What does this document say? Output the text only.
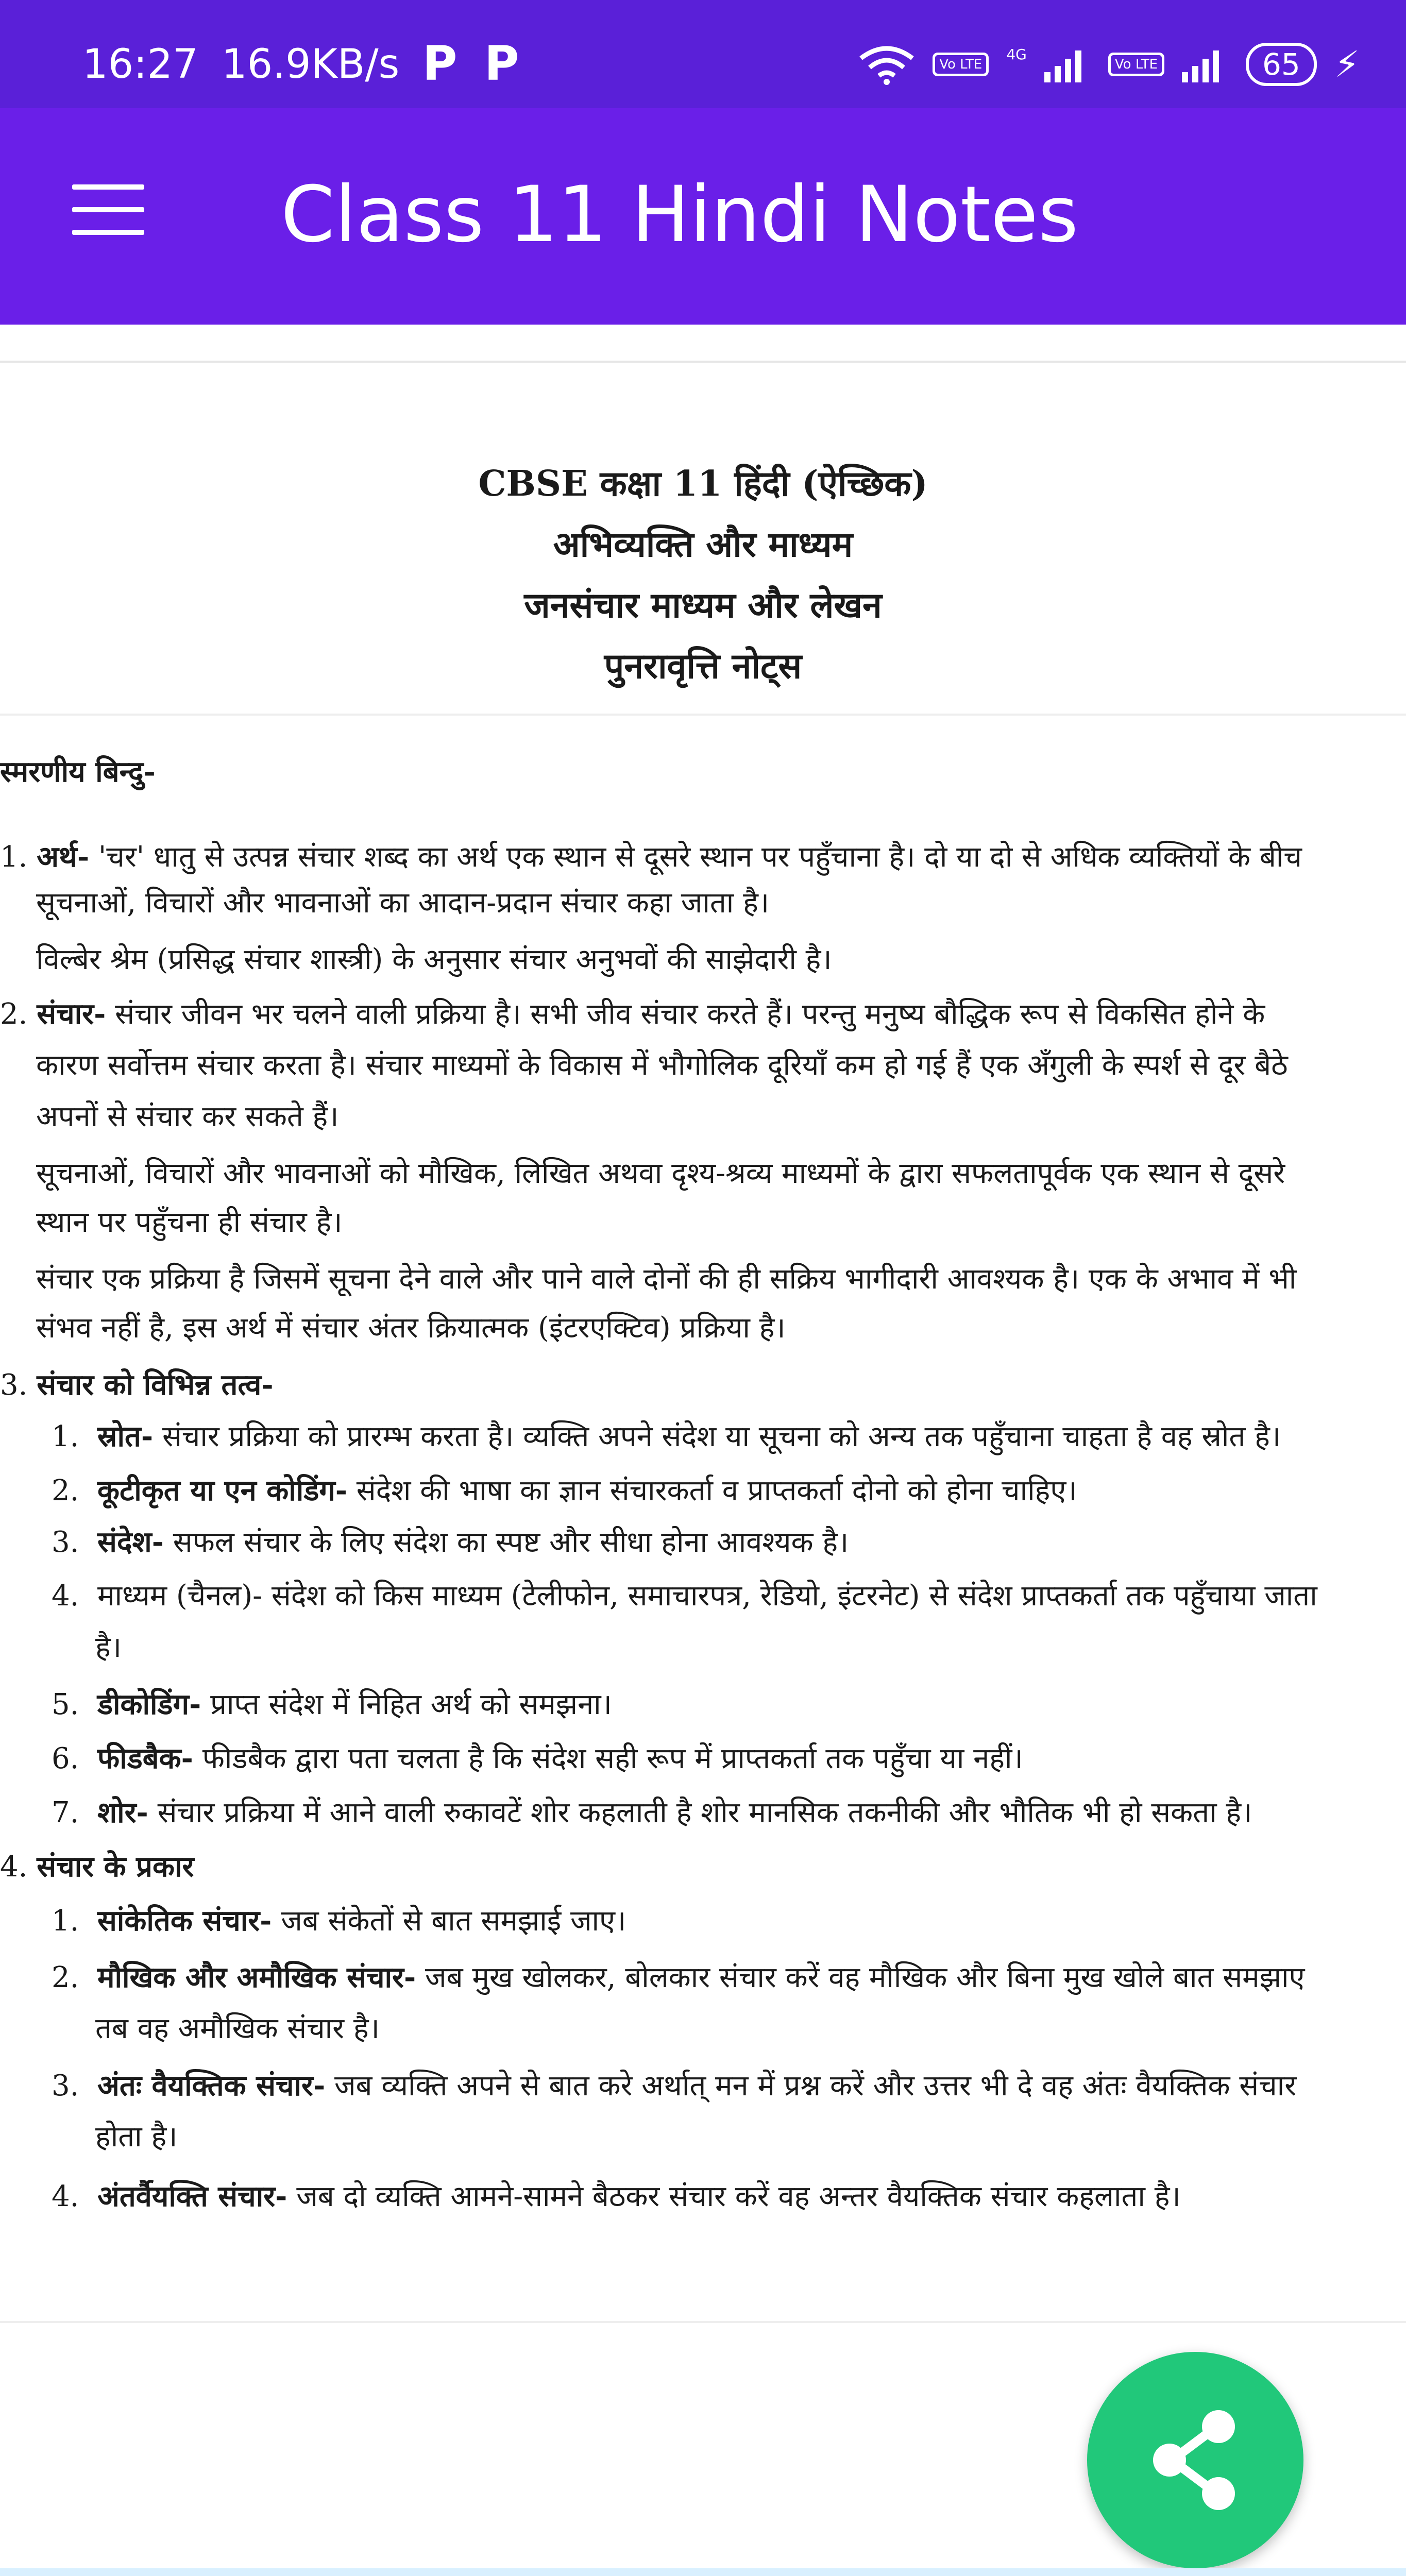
16:27 16.9KB/s P P	Vo LTE
4G
Vo LTE	65 ⚡
Class 11 Hindi Notes
CBSE कक्षा 11 हिंदी (ऐच्छिक)
अभिव्यक्ति और माध्यम
जनसंचार माध्यम और लेखन
पुनरावृत्ति नोट्स
स्मरणीय बिन्दु-
1. अर्थ- 'चर' धातु से उत्पन्न संचार शब्द का अर्थ एक स्थान से दूसरे स्थान पर पहुँचाना है। दो या दो से अधिक व्यक्तियों के बीच
सूचनाओं, विचारों और भावनाओं का आदान-प्रदान संचार कहा जाता है।
विल्बेर श्रेम (प्रसिद्ध संचार शास्त्री) के अनुसार संचार अनुभवों की साझेदारी है।
2. संचार- संचार जीवन भर चलने वाली प्रक्रिया है। सभी जीव संचार करते हैं। परन्तु मनुष्य बौद्धिक रूप से विकसित होने के
कारण सर्वोत्तम संचार करता है। संचार माध्यमों के विकास में भौगोलिक दूरियाँ कम हो गई हैं एक अँगुली के स्पर्श से दूर बैठे
अपनों से संचार कर सकते हैं।
सूचनाओं, विचारों और भावनाओं को मौखिक, लिखित अथवा दृश्य-श्रव्य माध्यमों के द्वारा सफलतापूर्वक एक स्थान से दूसरे
स्थान पर पहुँचना ही संचार है।
संचार एक प्रक्रिया है जिसमें सूचना देने वाले और पाने वाले दोनों की ही सक्रिय भागीदारी आवश्यक है। एक के अभाव में भी
संभव नहीं है, इस अर्थ में संचार अंतर क्रियात्मक (इंटरएक्टिव) प्रक्रिया है।
3. संचार को विभिन्न तत्व-
1. स्रोत- संचार प्रक्रिया को प्रारम्भ करता है। व्यक्ति अपने संदेश या सूचना को अन्य तक पहुँचाना चाहता है वह स्रोत है।
2. कूटीकृत या एन कोडिंग- संदेश की भाषा का ज्ञान संचारकर्ता व प्राप्तकर्ता दोनो को होना चाहिए।
3. संदेश- सफल संचार के लिए संदेश का स्पष्ट और सीधा होना आवश्यक है।
4. माध्यम (चैनल)- संदेश को किस माध्यम (टेलीफोन, समाचारपत्र, रेडियो, इंटरनेट) से संदेश प्राप्तकर्ता तक पहुँचाया जाता
है।
5. डीकोडिंग- प्राप्त संदेश में निहित अर्थ को समझना।
6. फीडबैक- फीडबैक द्वारा पता चलता है कि संदेश सही रूप में प्राप्तकर्ता तक पहुँचा या नहीं।
7. शोर- संचार प्रक्रिया में आने वाली रुकावटें शोर कहलाती है शोर मानसिक तकनीकी और भौतिक भी हो सकता है।
4. संचार के प्रकार
1. सांकेतिक संचार- जब संकेतों से बात समझाई जाए।
2. मौखिक और अमौखिक संचार- जब मुख खोलकर, बोलकार संचार करें वह मौखिक और बिना मुख खोले बात समझाए
तब वह अमौखिक संचार है।
3. अंतः वैयक्तिक संचार- जब व्यक्ति अपने से बात करे अर्थात् मन में प्रश्न करें और उत्तर भी दे वह अंतः वैयक्तिक संचार
होता है।
4. अंतर्वैयक्ति संचार- जब दो व्यक्ति आमने-सामने बैठकर संचार करें वह अन्तर वैयक्तिक संचार कहलाता है।
